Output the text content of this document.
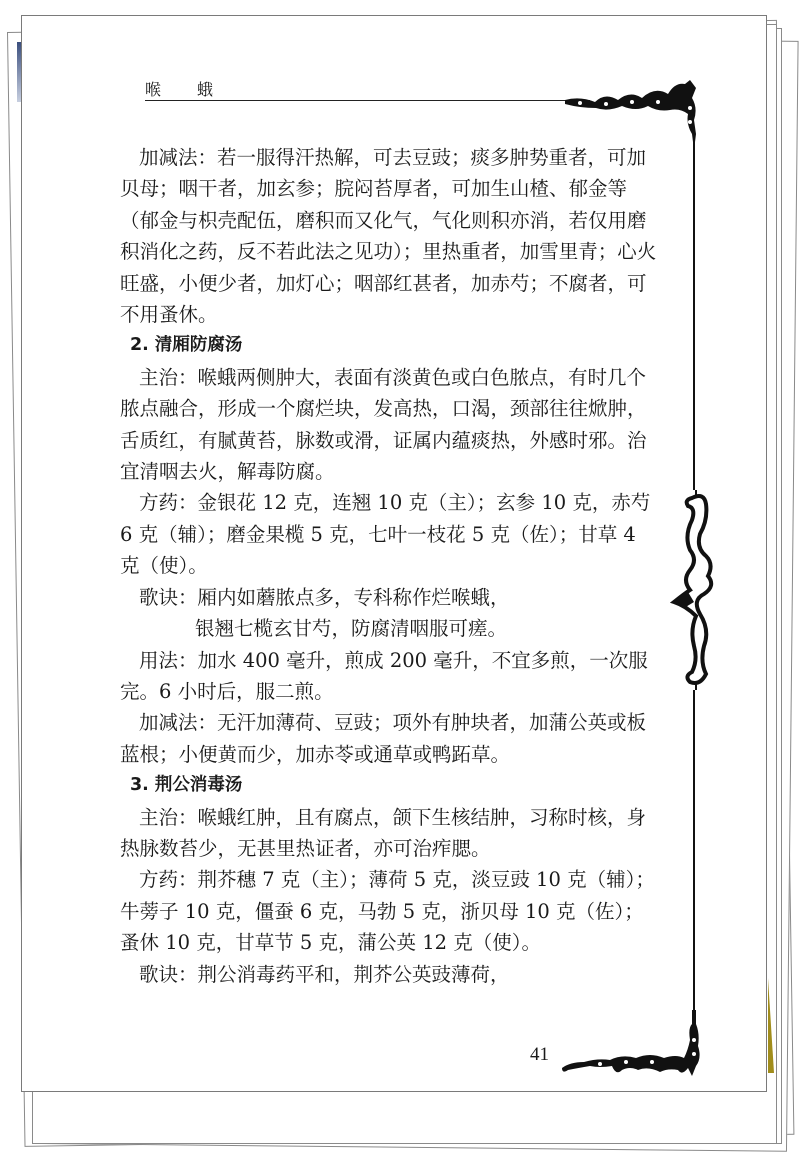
喉蛾

加减法：若一服得汗热解，可去豆豉；痰多肿势重者，可加贝母；咽干者，加玄参；脘闷苔厚者，可加生山楂、郁金等（郁金与枳壳配伍，磨积而又化气，气化则积亦消，若仅用磨积消化之药，反不若此法之见功）；里热重者，加雪里青；心火旺盛，小便少者，加灯心；咽部红甚者，加赤芍；不腐者，可不用蚤休。

2. 清厢防腐汤

主治：喉蛾两侧肿大，表面有淡黄色或白色脓点，有时几个脓点融合，形成一个腐烂块，发高热，口渴，颈部往往焮肿，舌质红，有腻黄苔，脉数或滑，证属内蕴痰热，外感时邪。治宜清咽去火，解毒防腐。

方药：金银花 12 克，连翘 10 克（主）；玄参 10 克，赤芍 6 克（辅）；磨金果榄 5 克，七叶一枝花 5 克（佐）；甘草 4 克（使）。

歌诀：厢内如蘑脓点多，专科称作烂喉蛾，

银翘七榄玄甘芍，防腐清咽服可瘥。

用法：加水 400 毫升，煎成 200 毫升，不宜多煎，一次服完。6 小时后，服二煎。

加减法：无汗加薄荷、豆豉；项外有肿块者，加蒲公英或板蓝根；小便黄而少，加赤苓或通草或鸭跖草。

3. 荆公消毒汤

主治：喉蛾红肿，且有腐点，颌下生核结肿，习称时核，身热脉数苔少，无甚里热证者，亦可治痄腮。

方药：荆芥穗 7 克（主）；薄荷 5 克，淡豆豉 10 克（辅）；牛蒡子 10 克，僵蚕 6 克，马勃 5 克，浙贝母 10 克（佐）；蚤休 10 克，甘草节 5 克，蒲公英 12 克（使）。

歌诀：荆公消毒药平和，荆芥公英豉薄荷，

41
